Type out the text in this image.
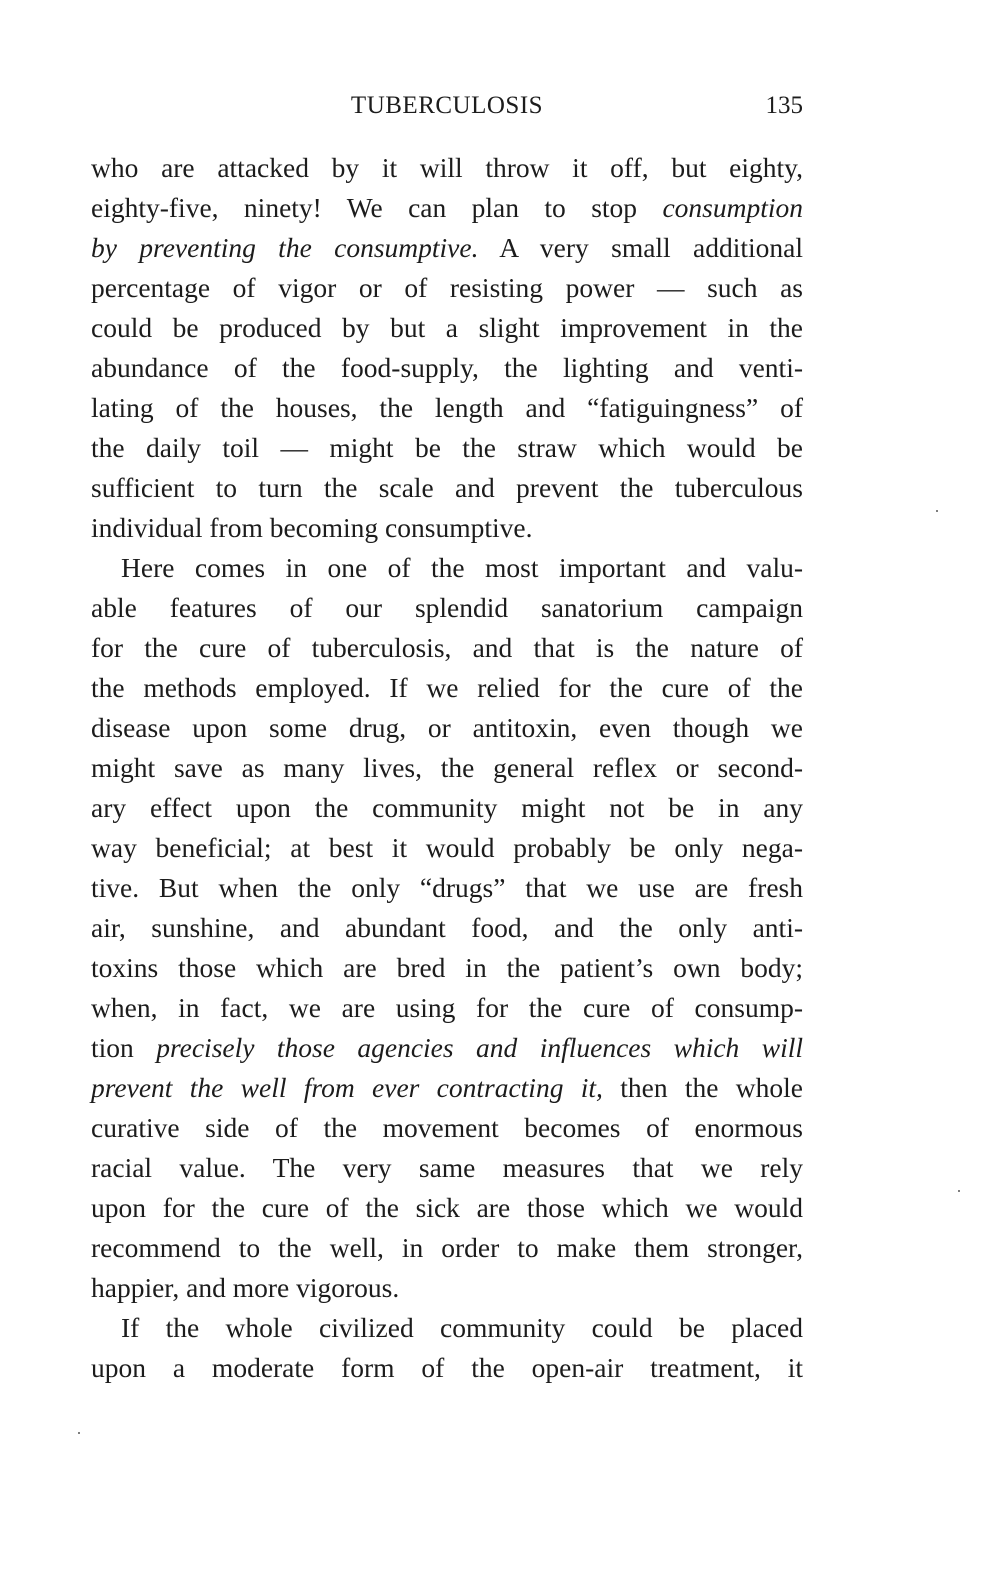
TUBERCULOSIS	135
who are attacked by it will throw it off, but eighty,
eighty-five, ninety! We can plan to stop consumption
by preventing the consumptive. A very small additional
percentage of vigor or of resisting power — such as
could be produced by but a slight improvement in the
abundance of the food-supply, the lighting and venti-
lating of the houses, the length and “fatiguingness” of
the daily toil — might be the straw which would be
sufficient to turn the scale and prevent the tuberculous
individual from becoming consumptive.
Here comes in one of the most important and valu-
able features of our splendid sanatorium campaign
for the cure of tuberculosis, and that is the nature of
the methods employed. If we relied for the cure of the
disease upon some drug, or antitoxin, even though we
might save as many lives, the general reflex or second-
ary effect upon the community might not be in any
way beneficial; at best it would probably be only nega-
tive. But when the only “drugs” that we use are fresh
air, sunshine, and abundant food, and the only anti-
toxins those which are bred in the patient’s own body;
when, in fact, we are using for the cure of consump-
tion precisely those agencies and influences which will
prevent the well from ever contracting it, then the whole
curative side of the movement becomes of enormous
racial value. The very same measures that we rely
upon for the cure of the sick are those which we would
recommend to the well, in order to make them stronger,
happier, and more vigorous.
If the whole civilized community could be placed
upon a moderate form of the open-air treatment, it
